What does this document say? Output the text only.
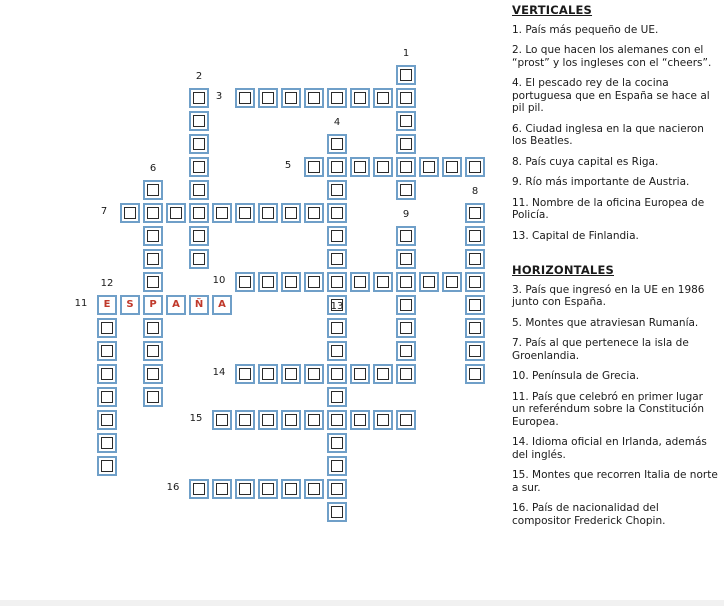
P
E	S	A	Ñ	A
1
2
3
4
5
6
7
8
9
10
11
12
13
14
15
16
VERTICALES
1. País más pequeño de UE.
2. Lo que hacen los alemanes con el “prost” y los ingleses con el “cheers”.
4. El pescado rey de la cocina portuguesa que en España se hace al pil pil.
6. Ciudad inglesa en la que nacieron los Beatles.
8. País cuya capital es Riga.
9. Río más importante de Austria.
11. Nombre de la oficina Europea de Policía.
13. Capital de Finlandia.
HORIZONTALES
3. País que ingresó en la UE en 1986 junto con España.
5. Montes que atraviesan Rumanía.
7. País al que pertenece la isla de Groenlandia.
10. Península de Grecia.
11. País que celebró en primer lugar un referéndum sobre la Constitución Europea.
14. Idioma oficial en Irlanda, además del inglés.
15. Montes que recorren Italia de norte a sur.
16. País de nacionalidad del compositor Frederick Chopin.
